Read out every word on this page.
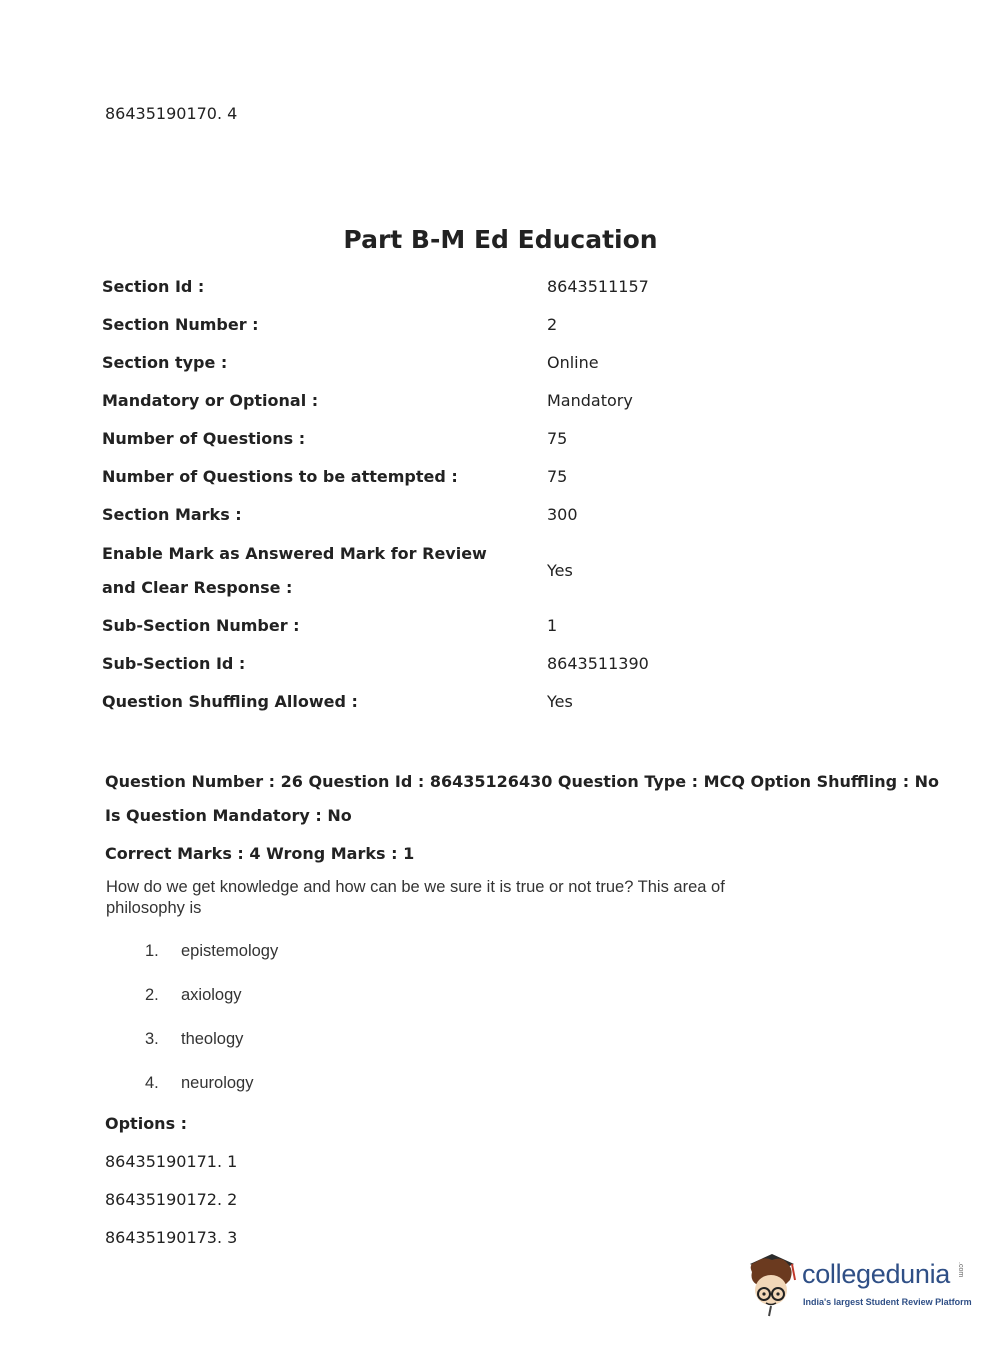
86435190170. 4
Part B-M Ed Education
Section Id :	8643511157
Section Number :	2
Section type :	Online
Mandatory or Optional :	Mandatory
Number of Questions :	75
Number of Questions to be attempted :	75
Section Marks :	300
Enable Mark as Answered Mark for Review and Clear Response :
Yes
Sub-Section Number :	1
Sub-Section Id :	8643511390
Question Shuffling Allowed :	Yes
Question Number : 26 Question Id : 86435126430 Question Type : MCQ Option Shuffling : No
Is Question Mandatory : No
Correct Marks : 4 Wrong Marks : 1
How do we get knowledge and how can be we sure it is true or not true? This area of philosophy is
1. epistemology
2. axiology
3. theology
4. neurology
Options :
86435190171. 1
86435190172. 2
86435190173. 3
collegedunia .com
India's largest Student Review Platform
